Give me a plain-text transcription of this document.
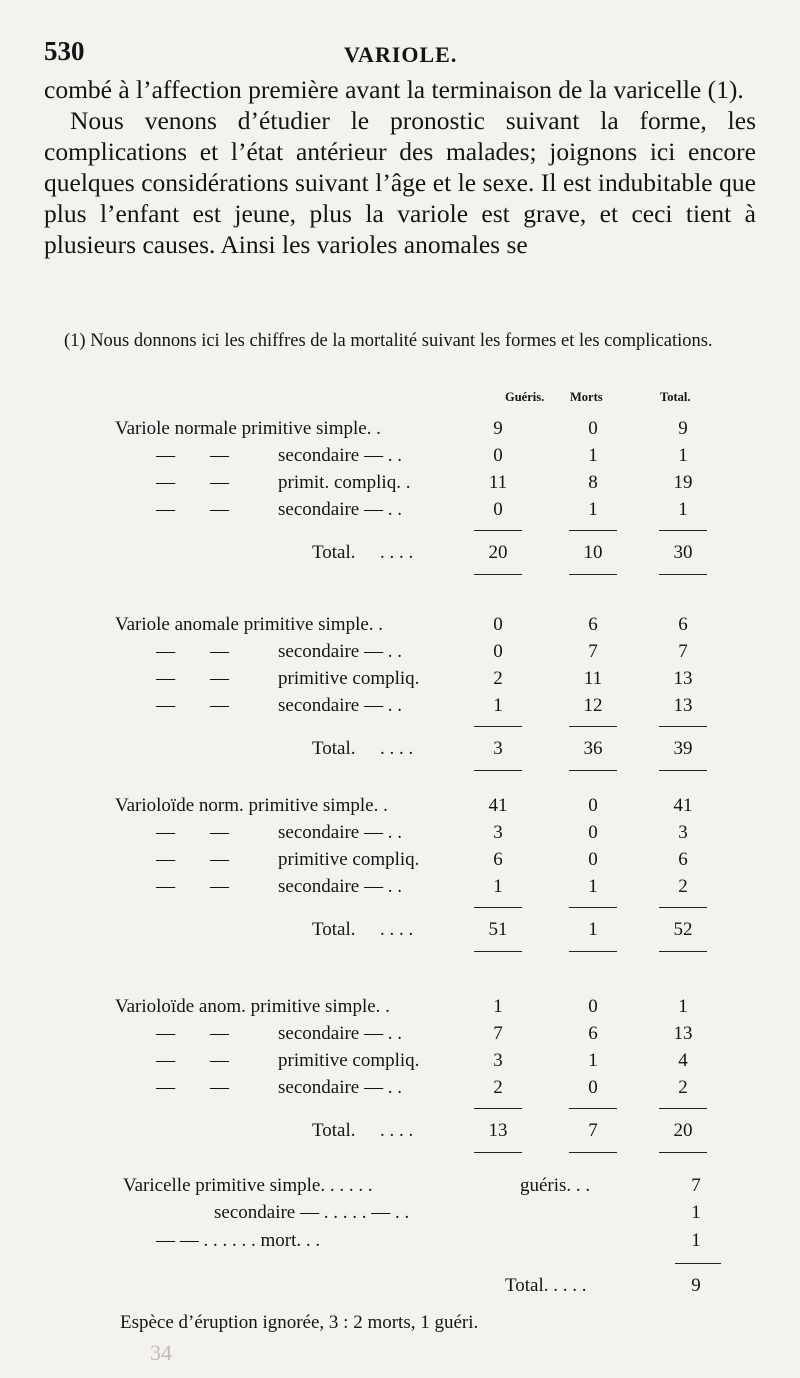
530	VARIOLE.

combé à l’affection première avant la terminaison de la varicelle (1).

Nous venons d’étudier le pronostic suivant la forme, les complications et l’état antérieur des malades; joignons ici encore quelques considérations suivant l’âge et le sexe. Il est indubitable que plus l’enfant est jeune, plus la variole est grave, et ceci tient à plusieurs causes. Ainsi les varioles anomales se

(1) Nous donnons ici les chiffres de la mortalité suivant les formes et les complications.

Guéris. Morts	Total.
Variole normale primitive simple. .	9	0	9
— —	secondaire — . .	0	1	1
— —	primit. compliq. .	11	8	19
— —	secondaire — . .	0	1	1
Total. . . . .	20	10	30
Variole anomale primitive simple. .	0	6	6
— —	secondaire — . .	0	7	7
— —	primitive compliq.	2	11	13
— —	secondaire — . .	1	12	13
Total. . . . .	3	36	39
Varioloïde norm. primitive simple. .	41	0	41
— —	secondaire — . .	3	0	3
— —	primitive compliq.	6	0	6
— —	secondaire — . .	1	1	2
Total. . . . .	51	1	52
Varioloïde anom. primitive simple. .	1	0	1
— —	secondaire — . .	7	6	13
— —	primitive compliq.	3	1	4
— —	secondaire — . .	2	0	2
Total. . . . .	13	7	20
Varicelle primitive simple. . . . . .	guéris. . .	7
secondaire — . . . . . — . .	1
— — . . . . . . mort. . .	1
Total. . . . .	9
Espèce d’éruption ignorée, 3 : 2 morts, 1 guéri.
34
